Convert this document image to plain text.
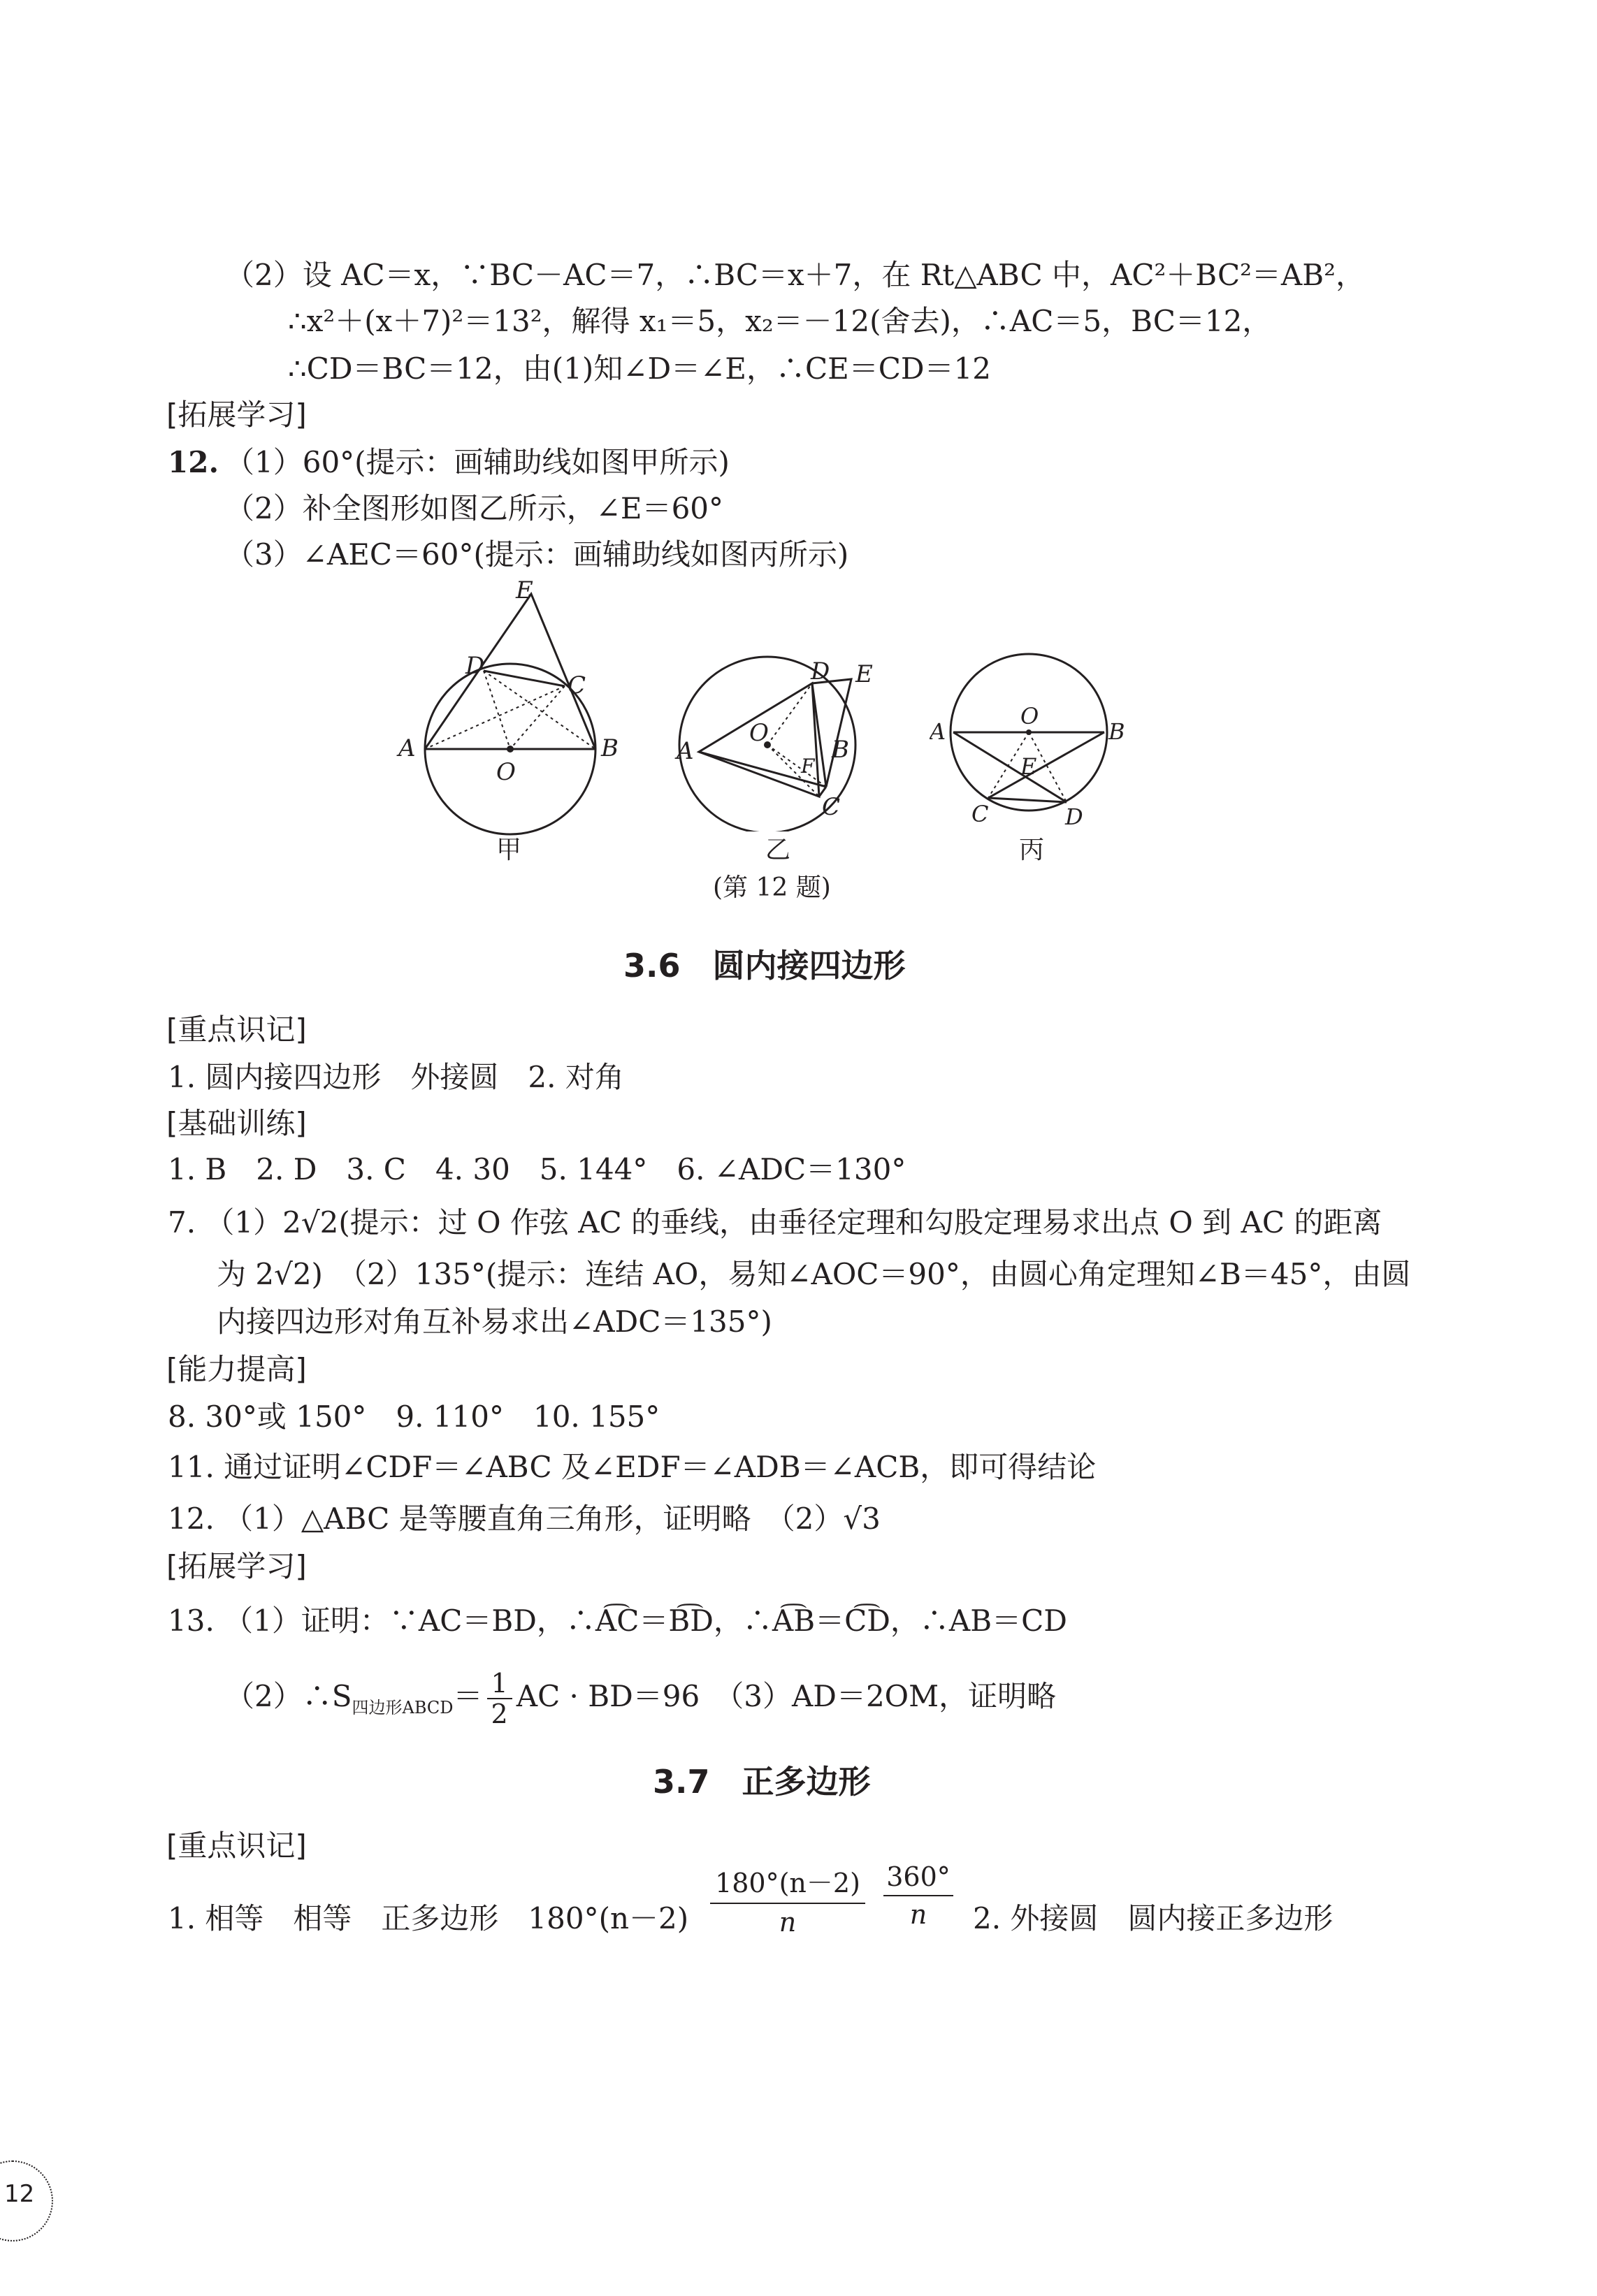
（2）设 AC＝x，∵BC－AC＝7，∴BC＝x＋7，在 Rt△ABC 中，AC²＋BC²＝AB²，
∴x²＋(x＋7)²＝13²，解得 x₁＝5，x₂＝－12(舍去)，∴AC＝5，BC＝12，
∴CD＝BC＝12，由(1)知∠D＝∠E，∴CE＝CD＝12
[拓展学习]
12. （1）60°(提示：画辅助线如图甲所示)
（2）补全图形如图乙所示，∠E＝60°
（3）∠AEC＝60°(提示：画辅助线如图丙所示)
E
D
C
A	B
O
甲
D E
A
O
B
F
C
乙
A
O
B
E
C	D
丙
(第 12 题)
3.6　圆内接四边形
[重点识记]
1. 圆内接四边形　外接圆　2. 对角
[基础训练]
1. B　2. D　3. C　4. 30　5. 144°　6. ∠ADC＝130°
7. （1）2√2(提示：过 O 作弦 AC 的垂线，由垂径定理和勾股定理易求出点 O 到 AC 的距离
为 2√2)　（2）135°(提示：连结 AO，易知∠AOC＝90°，由圆心角定理知∠B＝45°，由圆
内接四边形对角互补易求出∠ADC＝135°)
[能力提高]
8. 30°或 150°　9. 110°　10. 155°
11. 通过证明∠CDF＝∠ABC 及∠EDF＝∠ADB＝∠ACB，即可得结论
12. （1）△ABC 是等腰直角三角形，证明略　（2）√3
[拓展学习]
13. （1）证明：∵AC＝BD，∴A͡C＝B͡D，∴A͡B＝C͡D，∴AB＝CD
$(2)\therefore S_{四边形ABCD}= \frac{1}{2}$ AC · BD＝96　（3）AD＝2OM，证明略
3.7　正多边形
[重点识记]
1. 相等　相等　正多边形　180°(n－2)
180°(n－2)
n
360°
n	2. 外接圆　圆内接正多边形
12
